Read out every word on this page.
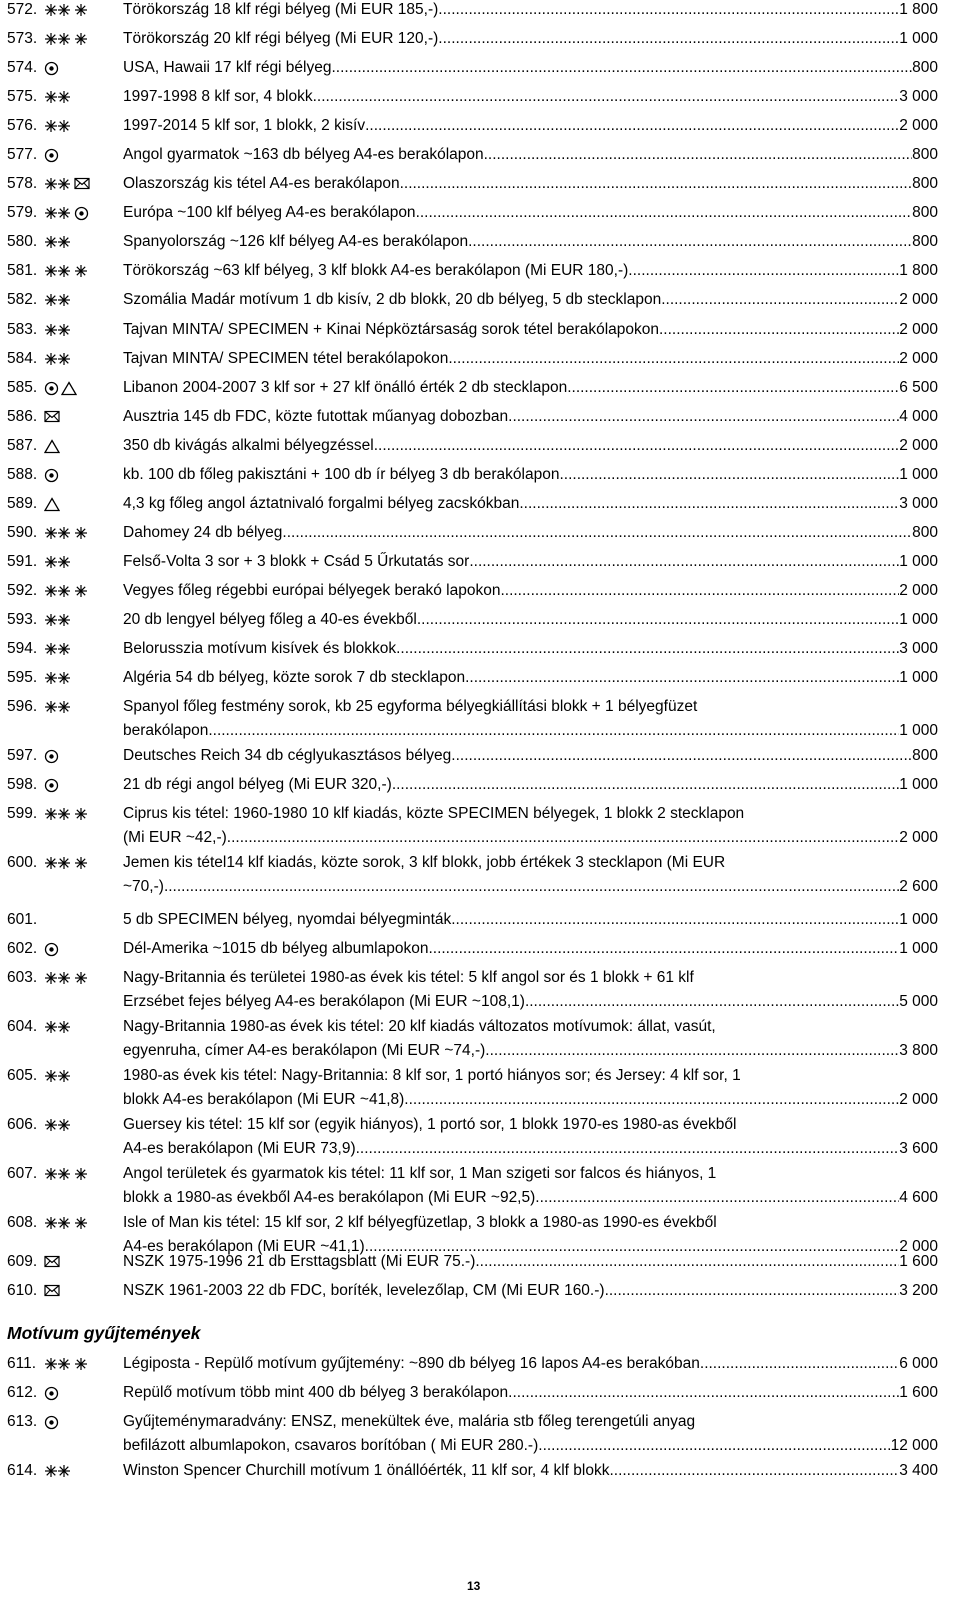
572.	Törökország 18 klf régi bélyeg (Mi EUR 185,-) .....	1 800
573.	Törökország 20 klf régi bélyeg (Mi EUR 120,-) .....	1 000
574.	USA, Hawaii 17 klf régi bélyeg .....	800
575.	1997-1998 8 klf sor, 4 blokk .....	3 000
576.	1997-2014 5 klf sor, 1 blokk, 2 kisív .....	2 000
577.	Angol gyarmatok ~163 db bélyeg A4-es berakólapon .....	800
578.	Olaszország kis tétel A4-es berakólapon .....	800
579.	Európa ~100 klf bélyeg A4-es berakólapon .....	800
580.	Spanyolország ~126 klf bélyeg A4-es berakólapon .....	800
581.	Törökország ~63 klf bélyeg, 3 klf blokk A4-es berakólapon (Mi EUR 180,-) .....	1 800
582.	Szomália Madár motívum 1 db kisív, 2 db blokk, 20 db bélyeg, 5 db stecklapon .....	2 000
583.	Tajvan MINTA/ SPECIMEN + Kinai Népköztársaság sorok tétel berakólapokon .....	2 000
584.	Tajvan MINTA/ SPECIMEN tétel berakólapokon .....	2 000
585.	Libanon 2004-2007 3 klf sor + 27 klf önálló érték 2 db stecklapon .....	6 500
586.	Ausztria 145 db FDC, közte futottak műanyag dobozban .....	4 000
587.	350 db kivágás alkalmi bélyegzéssel .....	2 000
588.	kb. 100 db főleg pakisztáni + 100 db ír bélyeg 3 db berakólapon .....	1 000
589.	4,3 kg főleg angol áztatnivaló forgalmi bélyeg zacskókban .....	3 000
590.	Dahomey 24 db bélyeg .....	800
591.	Felső-Volta 3 sor + 3 blokk + Csád 5 Űrkutatás sor .....	1 000
592.	Vegyes főleg régebbi európai bélyegek berakó lapokon .....	2 000
593.	20 db lengyel bélyeg főleg a 40-es évekből .....	1 000
594.	Belorusszia motívum kisívek és blokkok .....	3 000
595.	Algéria 54 db bélyeg, közte sorok 7 db stecklapon .....	1 000
596.	Spanyol főleg festmény sorok, kb 25 egyforma bélyegkiállítási blokk + 1 bélyegfüzet
berakólapon .....	1 000
597.	Deutsches Reich 34 db céglyukasztásos bélyeg .....	800
598.	21 db régi angol bélyeg (Mi EUR 320,-) .....	1 000
599.	Ciprus kis tétel: 1960-1980 10 klf kiadás, közte SPECIMEN bélyegek, 1 blokk 2 stecklapon
(Mi EUR ~42,-) .....	2 000
600.	Jemen kis tétel14 klf kiadás, közte sorok, 3 klf blokk, jobb értékek 3 stecklapon (Mi EUR
~70,-) .....	2 600
601.	5 db SPECIMEN bélyeg, nyomdai bélyegminták .....	1 000
602.	Dél-Amerika ~1015 db bélyeg albumlapokon .....	1 000
603.	Nagy-Britannia és területei 1980-as évek kis tétel: 5 klf angol sor és 1 blokk + 61 klf
Erzsébet fejes bélyeg A4-es berakólapon (Mi EUR ~108,1) .....	5 000
604.	Nagy-Britannia 1980-as évek kis tétel: 20 klf kiadás változatos motívumok: állat, vasút,
egyenruha, címer A4-es berakólapon (Mi EUR ~74,-) .....	3 800
605.	1980-as évek kis tétel: Nagy-Britannia: 8 klf sor, 1 portó hiányos sor; és Jersey: 4 klf sor, 1
blokk A4-es berakólapon (Mi EUR ~41,8) .....	2 000
606.	Guersey kis tétel: 15 klf sor (egyik hiányos), 1 portó sor, 1 blokk 1970-es 1980-as évekből
A4-es berakólapon (Mi EUR 73,9) .....	3 600
607.	Angol területek és gyarmatok kis tétel: 11 klf sor, 1 Man szigeti sor falcos és hiányos, 1
blokk a 1980-as évekből A4-es berakólapon (Mi EUR ~92,5) .....	4 600
608.	Isle of Man kis tétel: 15 klf sor, 2 klf bélyegfüzetlap, 3 blokk a 1980-as 1990-es évekből
A4-es berakólapon (Mi EUR ~41,1) .....	2 000
609.	NSZK 1975-1996 21 db Ersttagsblatt (Mi EUR 75.-) .....	1 600
610.	NSZK 1961-2003 22 db FDC, boríték, levelezőlap, CM (Mi EUR 160.-) .....	3 200
Motívum gyűjtemények
611.	Légiposta - Repülő motívum gyűjtemény: ~890 db bélyeg 16 lapos A4-es berakóban .....	6 000
612.	Repülő motívum több mint 400 db bélyeg 3 berakólapon .....	1 600
613.	Gyűjteménymaradvány: ENSZ, menekültek éve, malária stb főleg terengetúli anyag
befilázott albumlapokon, csavaros borítóban ( Mi EUR 280.-) .....	12 000
614.	Winston Spencer Churchill motívum 1 önállóérték, 11 klf sor, 4 klf blokk .....	3 400
13
